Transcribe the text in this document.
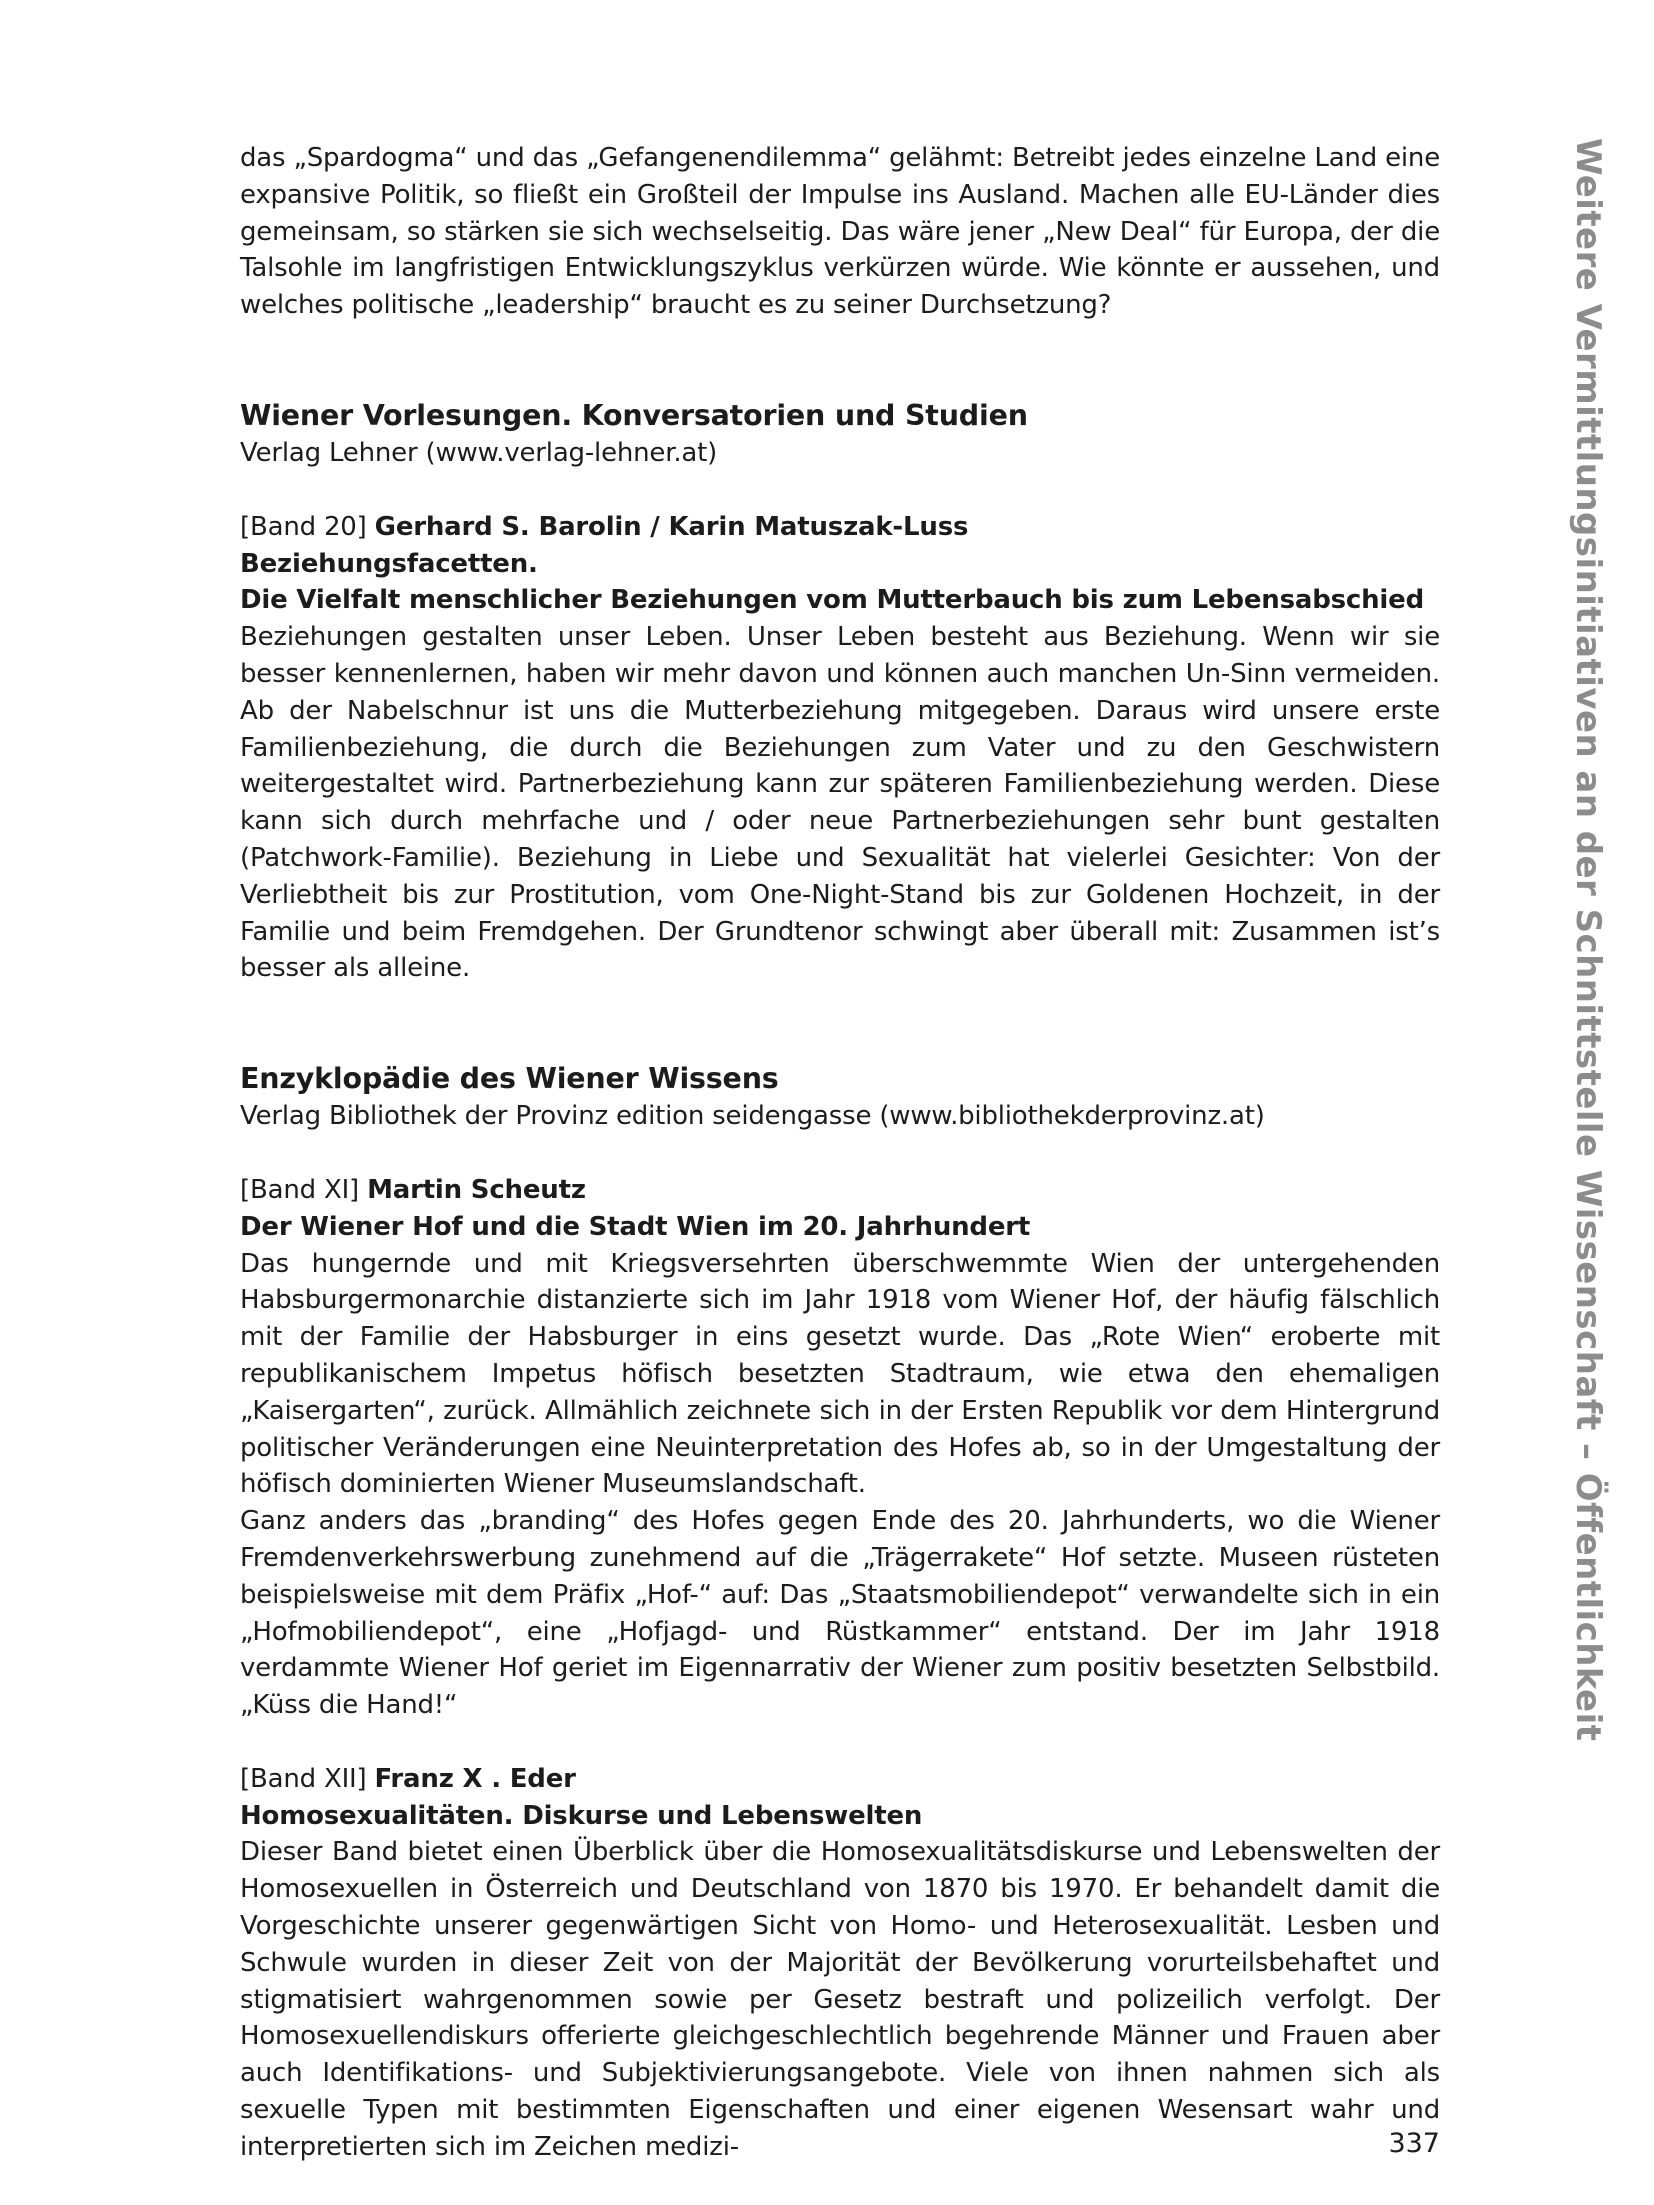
das „Spardogma“ und das „Gefangenendilemma“ gelähmt: Betreibt jedes einzelne Land eine expansive Politik, so fließt ein Großteil der Impulse ins Ausland. Machen alle EU-Länder dies gemeinsam, so stärken sie sich wechselseitig. Das wäre jener „New Deal“ für Europa, der die Talsohle im langfristigen Entwicklungszyklus verkürzen würde. Wie könnte er aussehen, und welches politische „leadership“ braucht es zu seiner Durchsetzung?

Wiener Vorlesungen. Konversatorien und Studien

Verlag Lehner (www.verlag-lehner.at)

[Band 20] Gerhard S. Barolin / Karin Matuszak-Luss

Beziehungsfacetten.

Die Vielfalt menschlicher Beziehungen vom Mutterbauch bis zum Lebensabschied

Beziehungen gestalten unser Leben. Unser Leben besteht aus Beziehung. Wenn wir sie besser kennenlernen, haben wir mehr davon und können auch manchen Un-Sinn vermeiden. Ab der Nabelschnur ist uns die Mutterbeziehung mitgegeben. Daraus wird unsere erste Familienbeziehung, die durch die Beziehungen zum Vater und zu den Geschwistern weitergestaltet wird. Partnerbeziehung kann zur späteren Familienbeziehung werden. Diese kann sich durch mehrfache und / oder neue Partnerbeziehungen sehr bunt gestalten (Patchwork-Familie). Beziehung in Liebe und Sexualität hat vielerlei Gesichter: Von der Verliebtheit bis zur Prostitution, vom One-Night-Stand bis zur Goldenen Hochzeit, in der Familie und beim Fremdgehen. Der Grundtenor schwingt aber überall mit: Zusammen ist’s besser als alleine.

Enzyklopädie des Wiener Wissens

Verlag Bibliothek der Provinz edition seidengasse (www.bibliothekderprovinz.at)

[Band XI] Martin Scheutz

Der Wiener Hof und die Stadt Wien im 20. Jahrhundert

Das hungernde und mit Kriegsversehrten überschwemmte Wien der untergehenden Habsburgermonarchie distanzierte sich im Jahr 1918 vom Wiener Hof, der häufig fälschlich mit der Familie der Habsburger in eins gesetzt wurde. Das „Rote Wien“ eroberte mit republikanischem Impetus höfisch besetzten Stadtraum, wie etwa den ehemaligen „Kaisergarten“, zurück. Allmählich zeichnete sich in der Ersten Republik vor dem Hintergrund politischer Veränderungen eine Neuinterpretation des Hofes ab, so in der Umgestaltung der höfisch dominierten Wiener Museumslandschaft.

Ganz anders das „branding“ des Hofes gegen Ende des 20. Jahrhunderts, wo die Wiener Fremdenverkehrswerbung zunehmend auf die „Trägerrakete“ Hof setzte. Museen rüsteten beispielsweise mit dem Präfix „Hof-“ auf: Das „Staatsmobiliendepot“ verwandelte sich in ein „Hofmobiliendepot“, eine „Hofjagd- und Rüstkammer“ entstand. Der im Jahr 1918 verdammte Wiener Hof geriet im Eigennarrativ der Wiener zum positiv besetzten Selbstbild. „Küss die Hand!“

[Band XII] Franz X . Eder

Homosexualitäten. Diskurse und Lebenswelten

Dieser Band bietet einen Überblick über die Homosexualitätsdiskurse und Lebenswelten der Homosexuellen in Österreich und Deutschland von 1870 bis 1970. Er behandelt damit die Vorgeschichte unserer gegenwärtigen Sicht von Homo- und Heterosexualität. Lesben und Schwule wurden in dieser Zeit von der Majorität der Bevölkerung vorurteilsbehaftet und stigmatisiert wahrgenommen sowie per Gesetz bestraft und polizeilich verfolgt. Der Homosexuellendiskurs offerierte gleichgeschlechtlich begehrende Männer und Frauen aber auch Identifikations- und Subjektivierungsangebote. Viele von ihnen nahmen sich als sexuelle Typen mit bestimmten Eigenschaften und einer eigenen Wesensart wahr und interpretierten sich im Zeichen medizi-

Weitere Vermittlungsinitiativen an der Schnittstelle Wissenschaft – Öffentlichkeit
337
